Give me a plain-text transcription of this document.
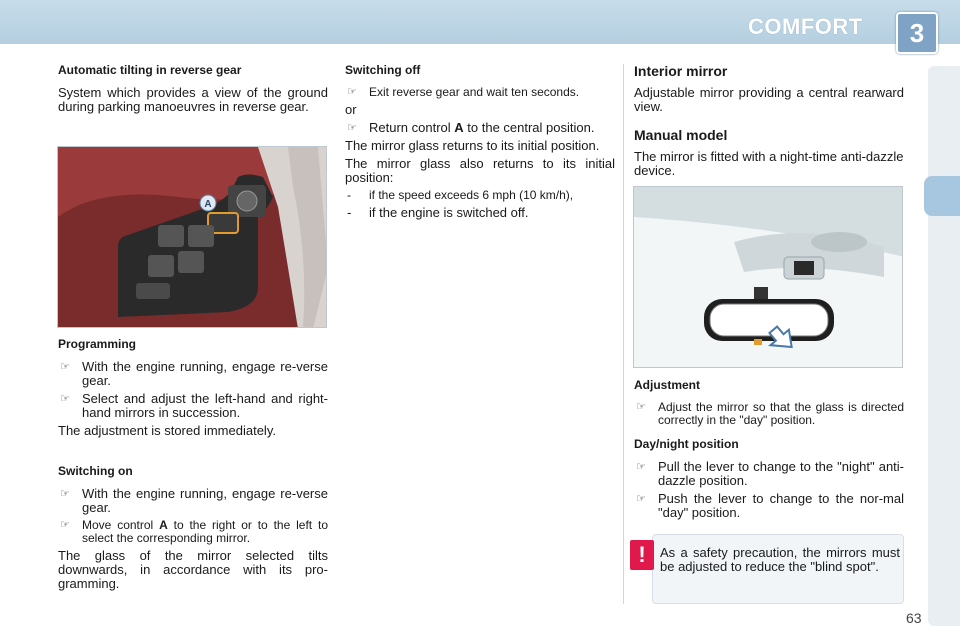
COMFORT	3
Automatic tilting in reverse gear
System which provides a view of the ground during parking manoeuvres in reverse gear.
A
Programming
☞ With the engine running, engage re-verse gear.
☞ Select and adjust the left-hand and right-hand mirrors in succession.
The adjustment is stored immediately.
Switching on
☞ With the engine running, engage re-verse gear.
☞ Move control A to the right or to the left to select the corresponding mirror.
The glass of the mirror selected tilts downwards, in accordance with its pro-gramming.
Switching off
☞ Exit reverse gear and wait ten seconds.
or
☞ Return control A to the central position.
The mirror glass returns to its initial position.
The mirror glass also returns to its initial position:
- if the speed exceeds 6 mph (10 km/h),
- if the engine is switched off.
Interior mirror
Adjustable mirror providing a central rearward view.
Manual model
The mirror is fitted with a night-time anti-dazzle device.
Adjustment
☞ Adjust the mirror so that the glass is directed correctly in the "day" position.
Day/night position
☞ Pull the lever to change to the "night" anti-dazzle position.
☞ Push the lever to change to the nor-mal "day" position.
!	As a safety precaution, the mirrors must be adjusted to reduce the "blind spot".
63
